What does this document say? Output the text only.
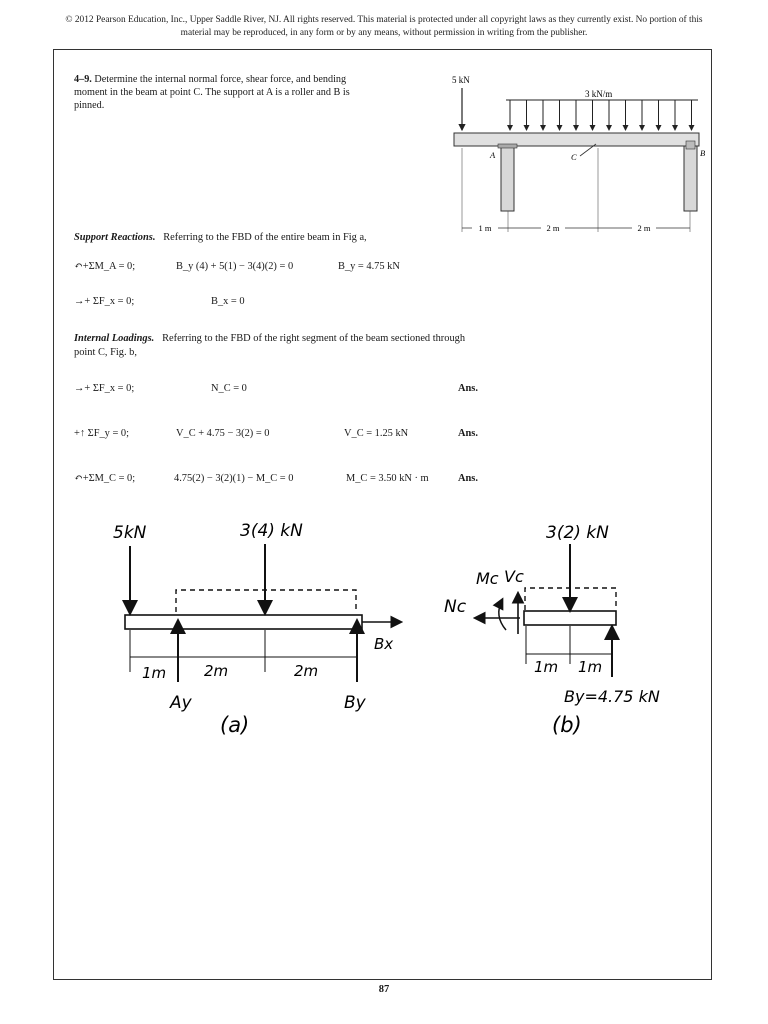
© 2012 Pearson Education, Inc., Upper Saddle River, NJ. All rights reserved. This material is protected under all copyright laws as they currently exist. No portion of this material may be reproduced, in any form or by any means, without permission in writing from the publisher.
4–9. Determine the internal normal force, shear force, and bending moment in the beam at point C. The support at A is a roller and B is pinned.
5 kN
3 kN/m
A	B
C
1 m	2 m	2 m
Support Reactions. Referring to the FBD of the entire beam in Fig a,
↶+ΣM_A = 0;	B_y (4) + 5(1) − 3(4)(2) = 0	B_y = 4.75 kN
→+ ΣF_x = 0;	B_x = 0
Internal Loadings. Referring to the FBD of the right segment of the beam sectioned through point C, Fig. b,
→+ ΣF_x = 0;	N_C = 0	Ans.
+↑ ΣF_y = 0;	V_C + 4.75 − 3(2) = 0	V_C = 1.25 kN	Ans.
↶+ΣM_C = 0;	4.75(2) − 3(2)(1) − M_C = 0	M_C = 3.50 kN · m	Ans.
5kN	3(4) kN
Bx
1m	2m	2m
Ay	By
(a)
3(2) kN
Mc Vc
Nc
1m 1m
By=4.75 kN
(b)
87
